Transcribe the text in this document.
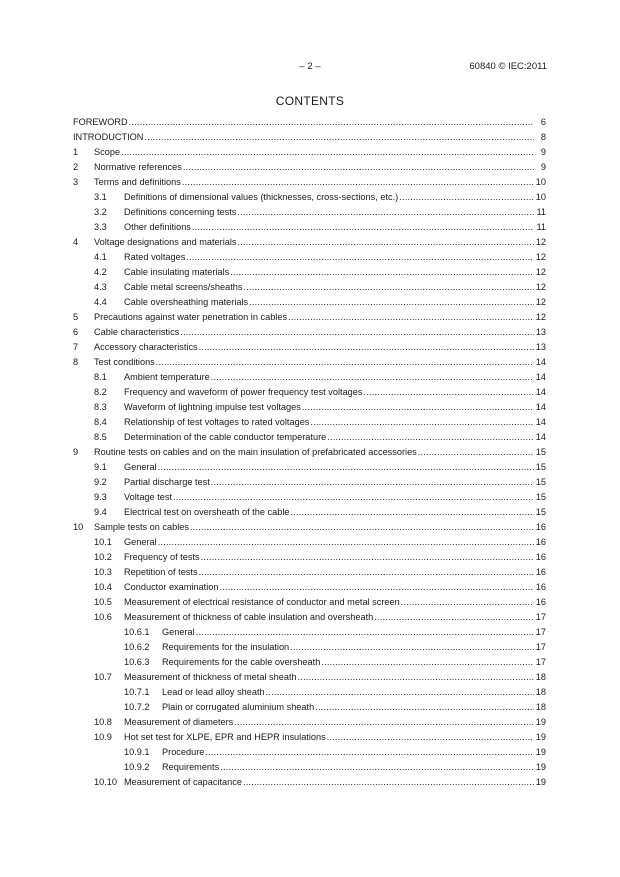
– 2 –	60840 © IEC:2011
CONTENTS
FOREWORD .....	6
INTRODUCTION .....	8
1	Scope .....	9
2	Normative references .....	9
3	Terms and definitions .....	10
3.1	Definitions of dimensional values (thicknesses, cross-sections, etc.) .....	10
3.2	Definitions concerning tests .....	11
3.3	Other definitions .....	11
4	Voltage designations and materials .....	12
4.1	Rated voltages .....	12
4.2	Cable insulating materials .....	12
4.3	Cable metal screens/sheaths .....	12
4.4	Cable oversheathing materials .....	12
5	Precautions against water penetration in cables .....	12
6	Cable characteristics .....	13
7	Accessory characteristics .....	13
8	Test conditions .....	14
8.1	Ambient temperature .....	14
8.2	Frequency and waveform of power frequency test voltages .....	14
8.3	Waveform of lightning impulse test voltages .....	14
8.4	Relationship of test voltages to rated voltages .....	14
8.5	Determination of the cable conductor temperature .....	14
9	Routine tests on cables and on the main insulation of prefabricated accessories .....	15
9.1	General .....	15
9.2	Partial discharge test .....	15
9.3	Voltage test .....	15
9.4	Electrical test on oversheath of the cable .....	15
10	Sample tests on cables .....	16
10.1	General .....	16
10.2	Frequency of tests .....	16
10.3	Repetition of tests .....	16
10.4	Conductor examination .....	16
10.5	Measurement of electrical resistance of conductor and metal screen .....	16
10.6	Measurement of thickness of cable insulation and oversheath .....	17
10.6.1	General .....	17
10.6.2	Requirements for the insulation .....	17
10.6.3	Requirements for the cable oversheath .....	17
10.7	Measurement of thickness of metal sheath .....	18
10.7.1	Lead or lead alloy sheath .....	18
10.7.2	Plain or corrugated aluminium sheath .....	18
10.8	Measurement of diameters .....	19
10.9	Hot set test for XLPE, EPR and HEPR insulations .....	19
10.9.1	Procedure .....	19
10.9.2	Requirements .....	19
10.10 Measurement of capacitance .....	19
